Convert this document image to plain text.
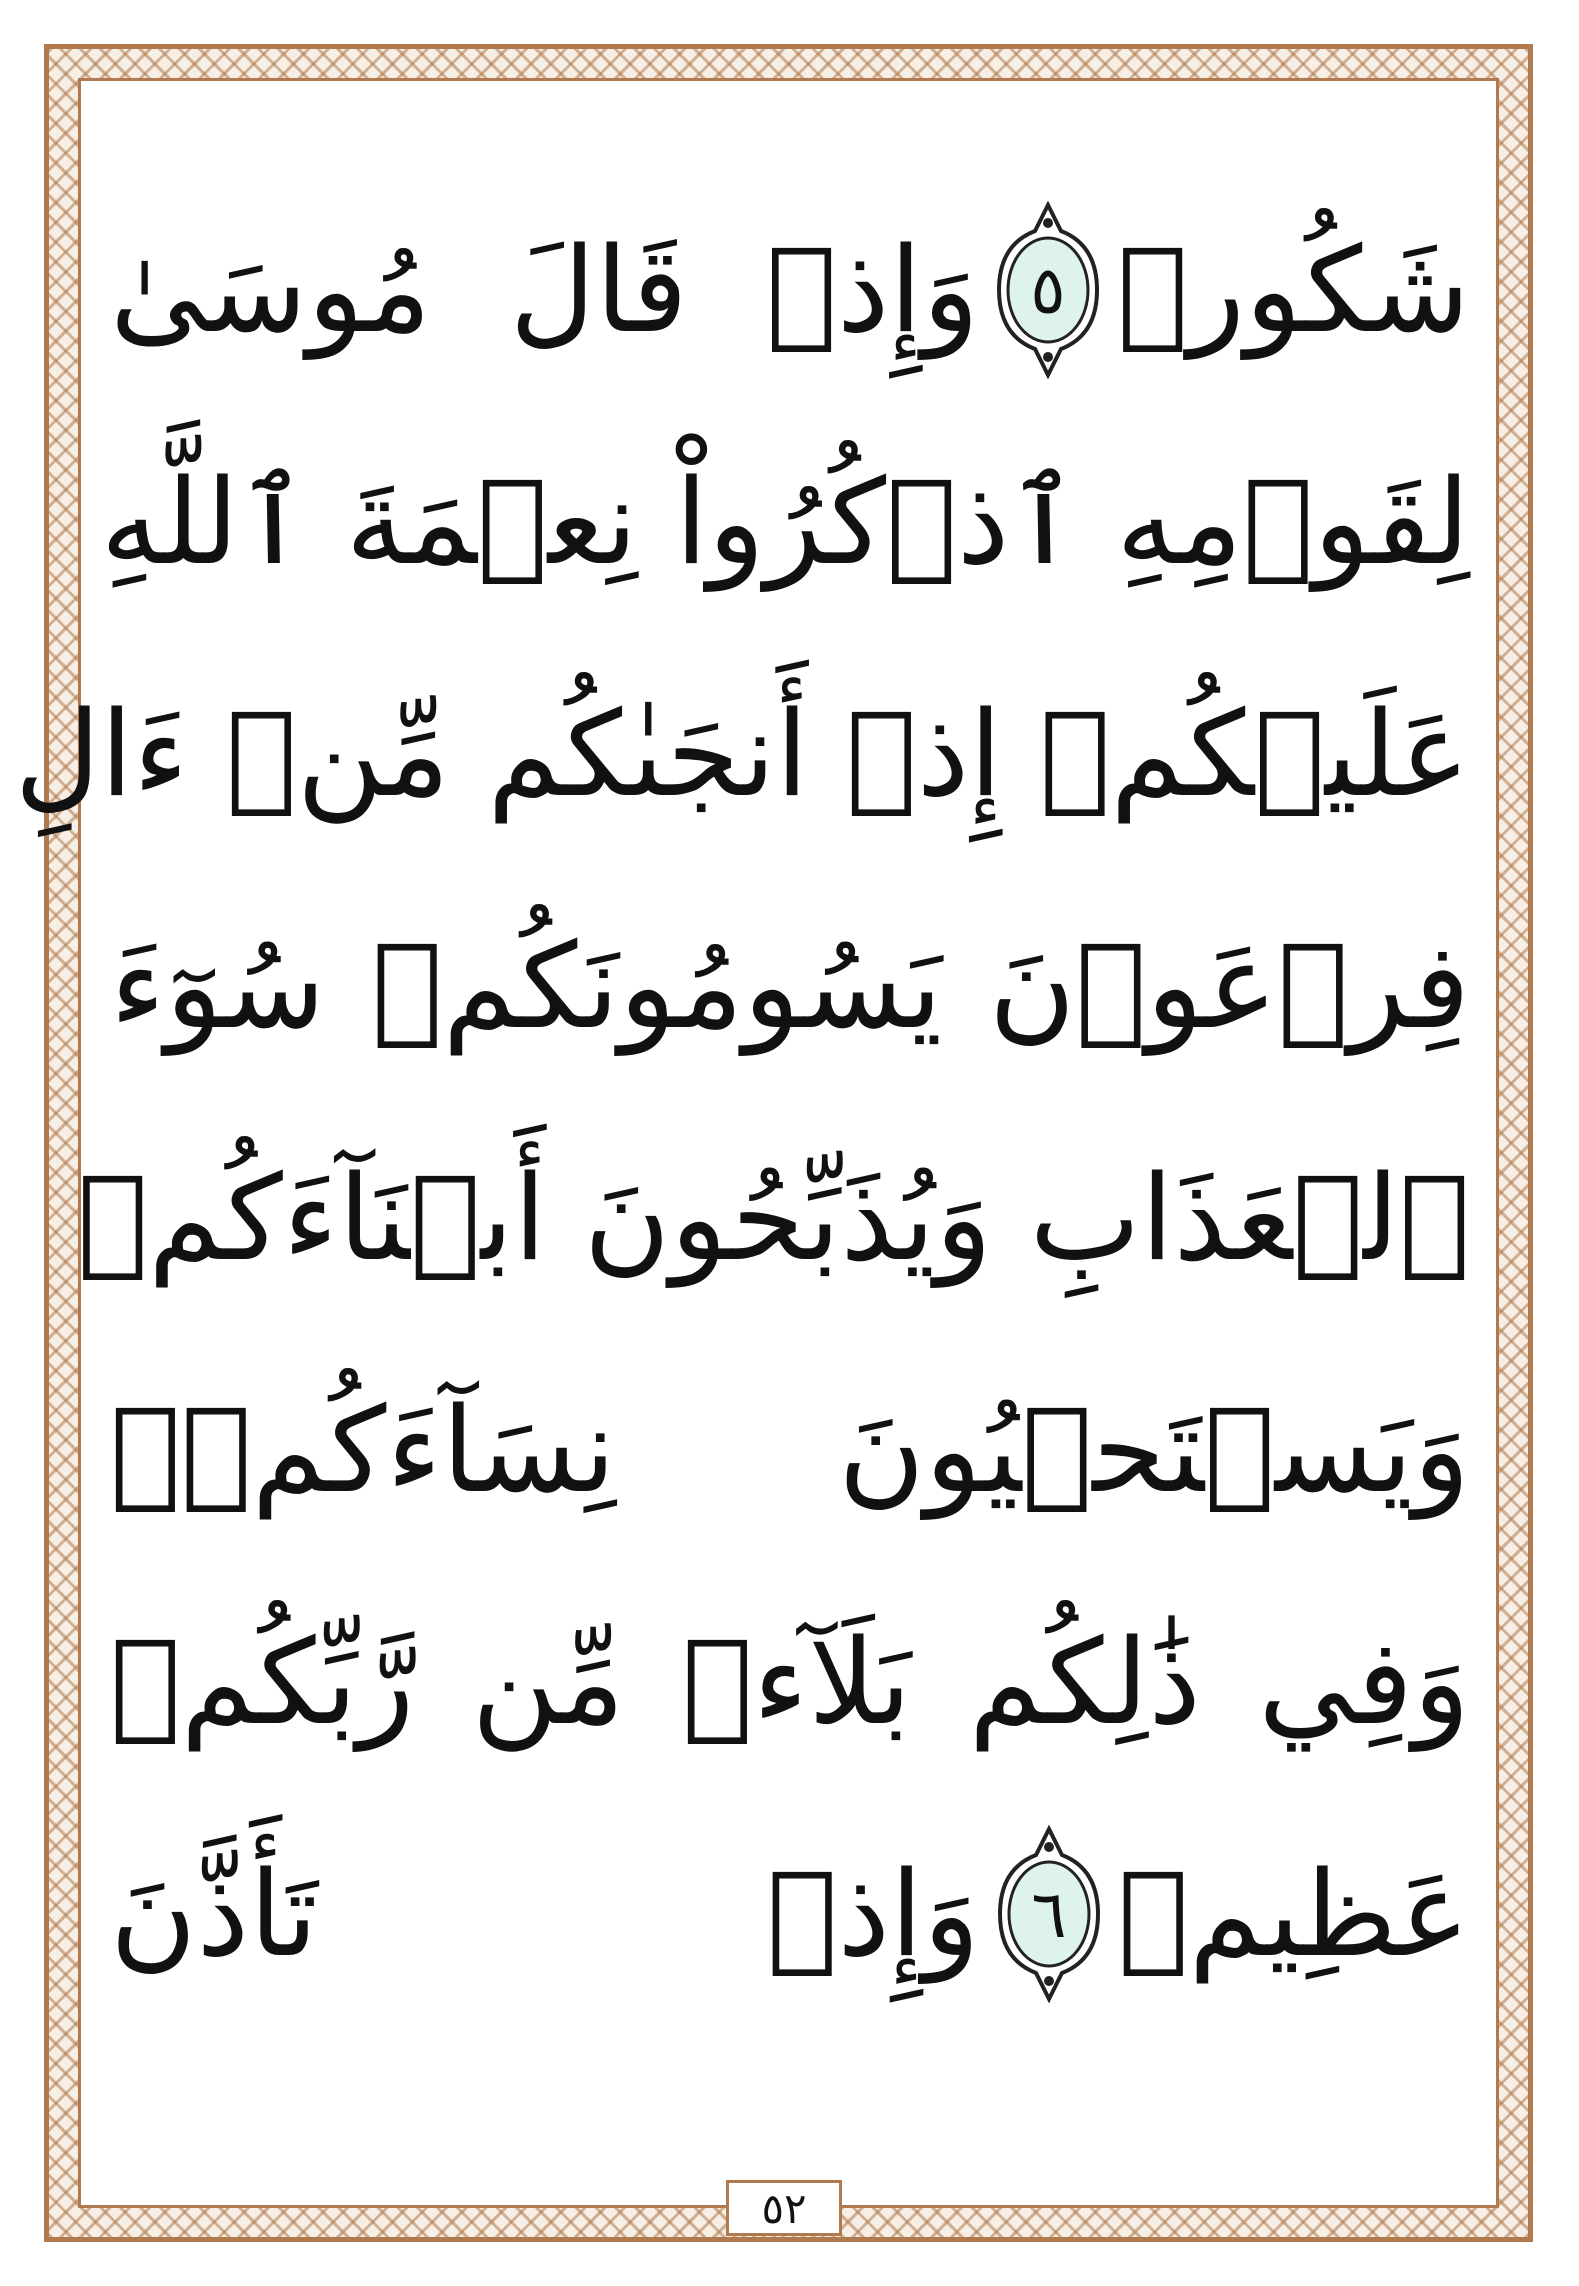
شَكُورٖ
٥
وَإِذۡ قَالَ مُوسَىٰ
لِقَوۡمِهِ ٱذۡكُرُواْ نِعۡمَةَ ٱللَّهِ
عَلَيۡكُمۡ إِذۡ أَنجَىٰكُم مِّنۡ ءَالِ
فِرۡعَوۡنَ يَسُومُونَكُمۡ سُوٓءَ
ٱلۡعَذَابِ وَيُذَبِّحُونَ أَبۡنَآءَكُمۡ
وَيَسۡتَحۡيُونَ نِسَآءَكُمۡۚ
وَفِي ذَٰلِكُم بَلَآءٞ مِّن رَّبِّكُمۡ
عَظِيمٞ
٦
وَإِذۡ تَأَذَّنَ
٥٢
